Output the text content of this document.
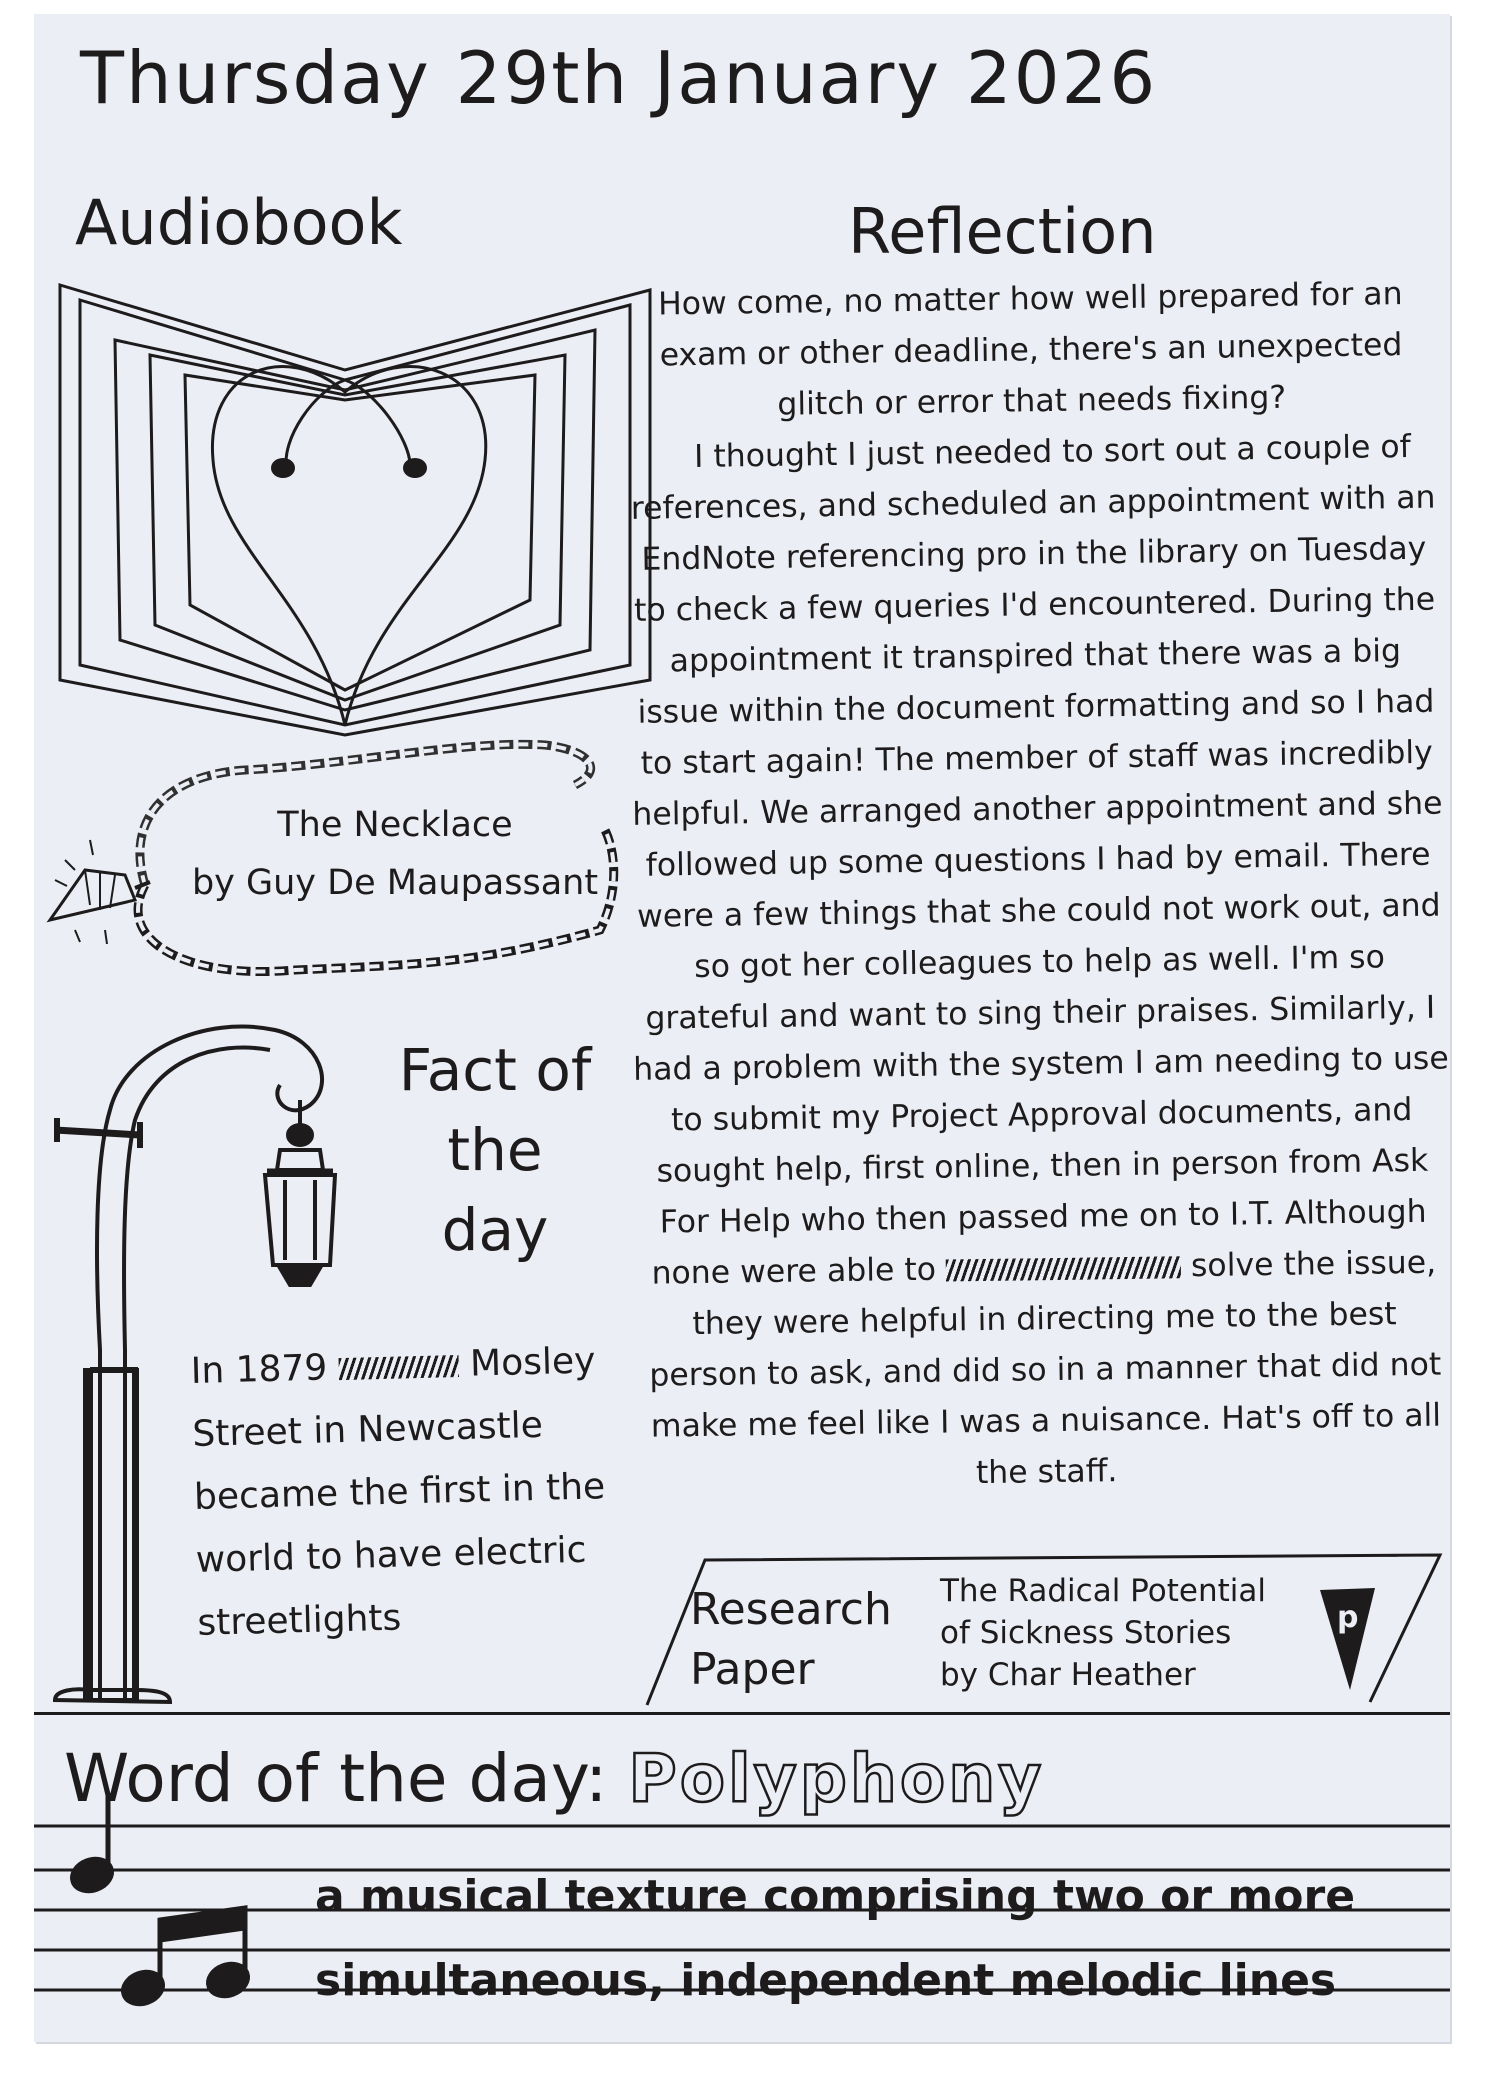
Thursday 29th January 2026
Audiobook	Reflection
The Necklace
by Guy De Maupassant
Fact of
the
day
In 1879	Mosley Street in Newcastle became the first in the world to have electric streetlights

How come, no matter how well prepared for an exam or other deadline, there's an unexpected glitch or error that needs fixing?

I thought I just needed to sort out a couple of references, and scheduled an appointment with an EndNote referencing pro in the library on Tuesday to check a few queries I'd encountered. During the appointment it transpired that there was a big issue within the document formatting and so I had to start again! The member of staff was incredibly helpful. We arranged another appointment and she followed up some questions I had by email. There were a few things that she could not work out, and so got her colleagues to help as well. I'm so grateful and want to sing their praises. Similarly, I had a problem with the system I am needing to use to submit my Project Approval documents, and sought help, first online, then in person from Ask For Help who then passed me on to I.T. Although none were able to	solve the issue, they were helpful in directing me to the best person to ask, and did so in a manner that did not make me feel like I was a nuisance. Hat's off to all the staff.

p
Research
Paper
The Radical Potential
of Sickness Stories
by Char Heather
Word of the day: Polyphony
a musical texture comprising two or more
simultaneous, independent melodic lines
